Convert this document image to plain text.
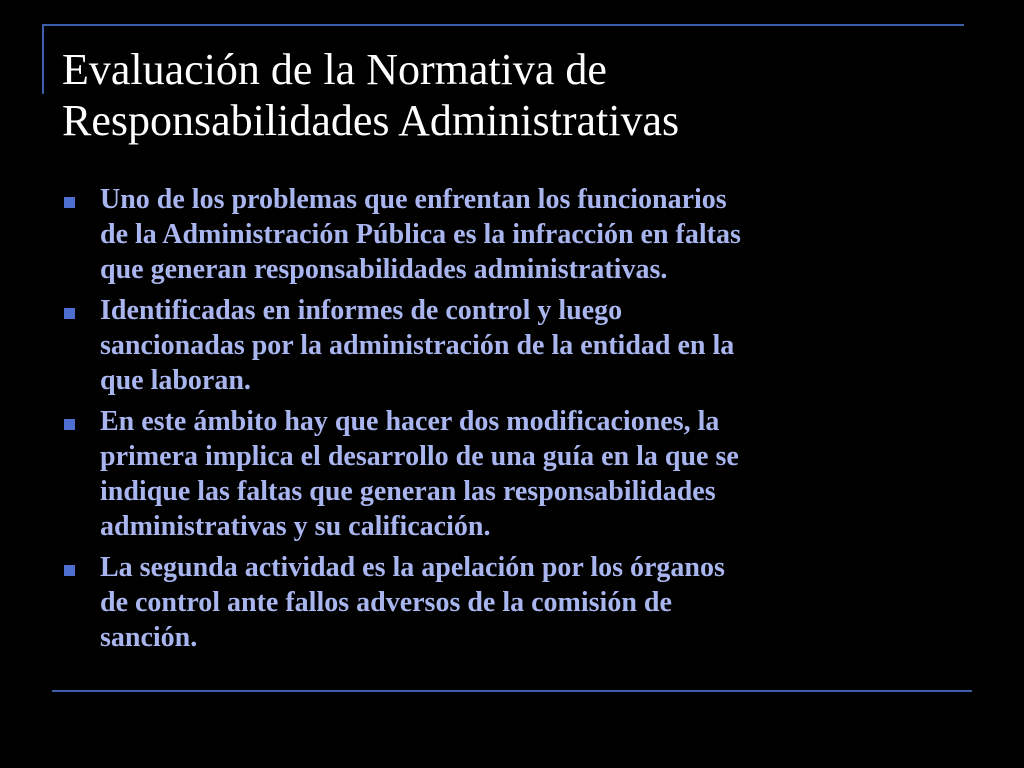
Evaluación de la Normativa de
Responsabilidades Administrativas
Uno de los problemas que enfrentan los funcionarios
de la Administración Pública es la infracción en faltas
que generan responsabilidades administrativas.
Identificadas en informes de control y luego
sancionadas por la administración de la entidad en la
que laboran.
En este ámbito hay que hacer dos modificaciones, la
primera implica el desarrollo de una guía en la que se
indique las faltas que generan las responsabilidades
administrativas y su calificación.
La segunda actividad es la apelación por los órganos
de control ante fallos adversos de la comisión de
sanción.
